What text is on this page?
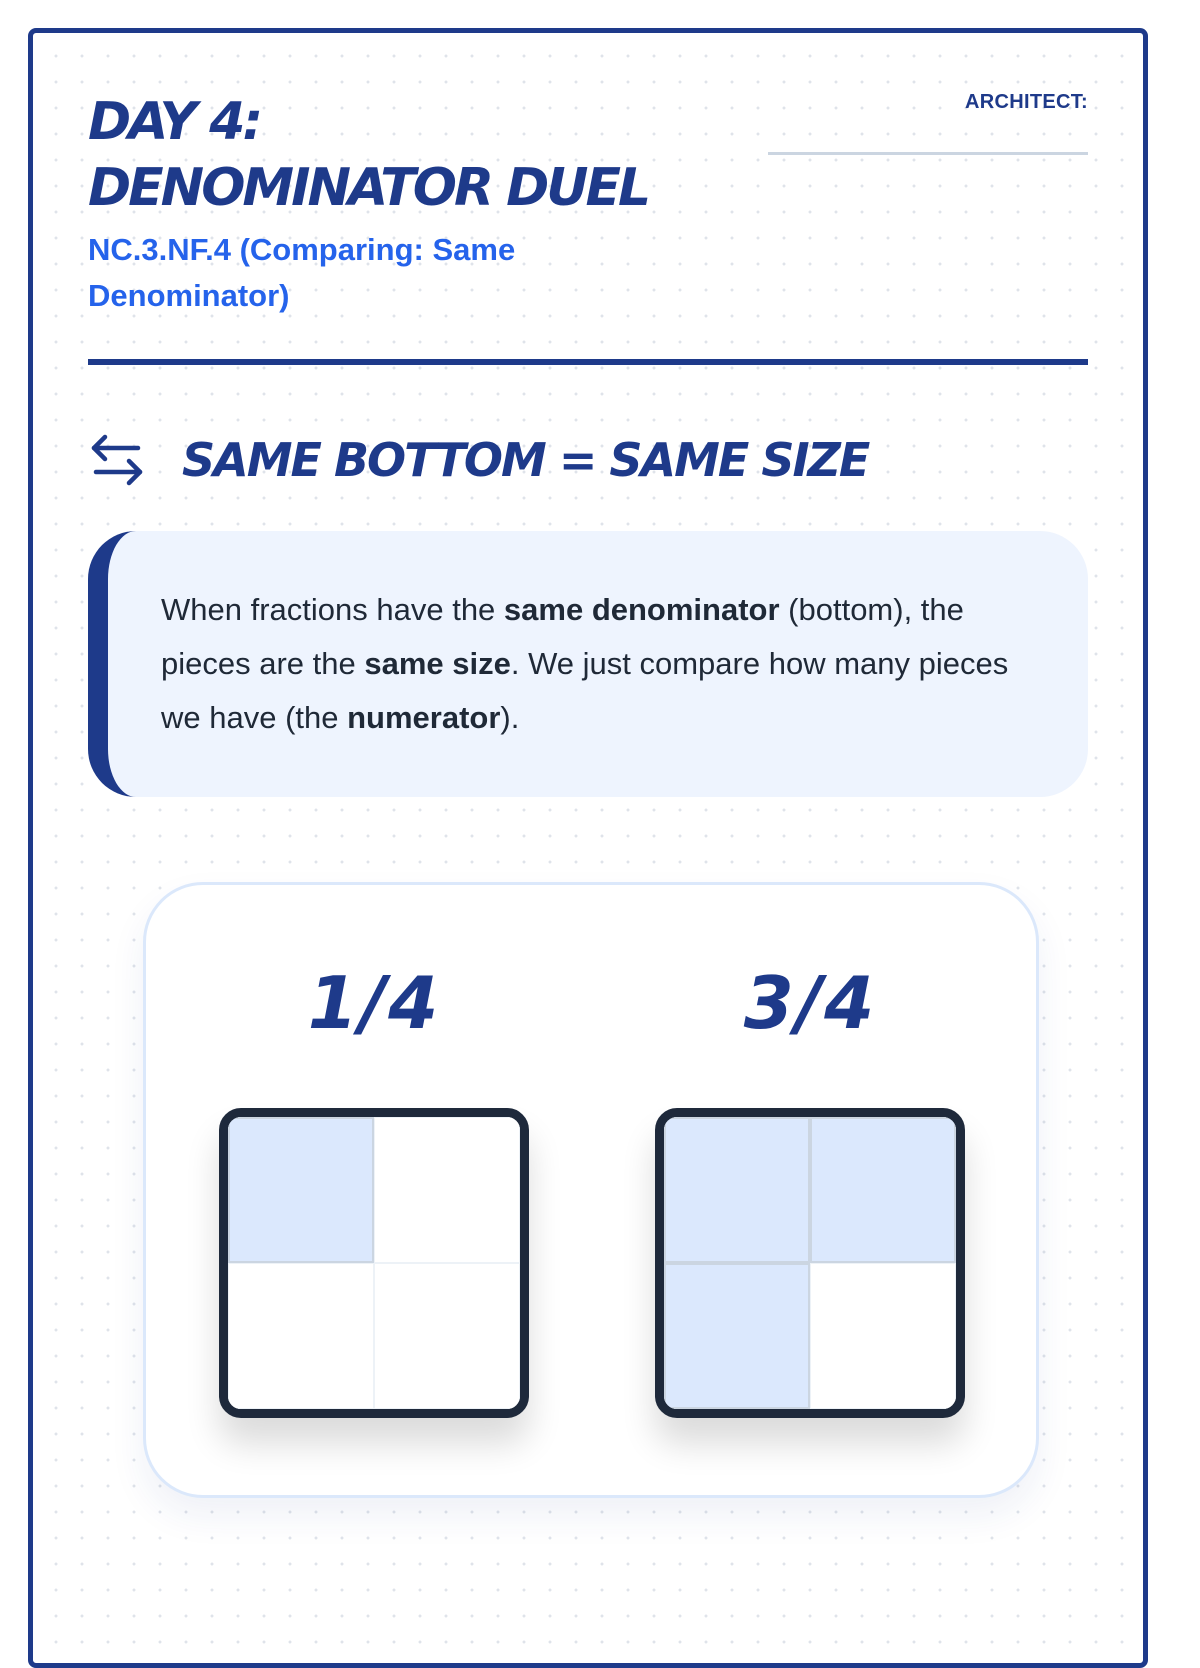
DAY 4:
DENOMINATOR DUEL
NC.3.NF.4 (Comparing: Same Denominator)
ARCHITECT:
SAME BOTTOM = SAME SIZE
When fractions have the same denominator (bottom), the pieces are the same size. We just compare how many pieces we have (the numerator).
1/4	3/4
